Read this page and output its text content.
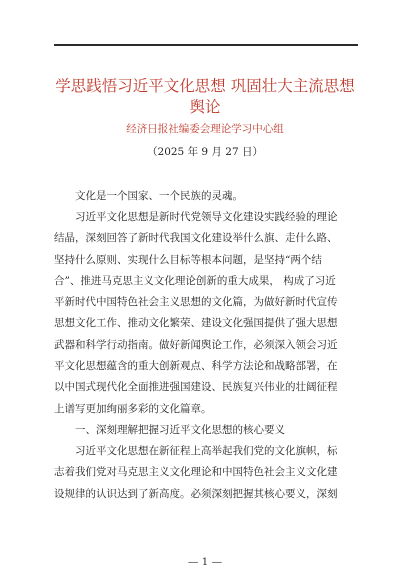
学思践悟习近平文化思想 巩固壮大主流思想
舆论
经济日报社编委会理论学习中心组
（2025 年 9 月 27 日）
文化是一个国家、一个民族的灵魂。
习近平文化思想是新时代党领导文化建设实践经验的理论
结晶，深刻回答了新时代我国文化建设举什么旗、走什么路、
坚持什么原则、实现什么目标等根本问题，是坚持“两个结
合”、推进马克思主义文化理论创新的重大成果， 构成了习近
平新时代中国特色社会主义思想的文化篇，为做好新时代宣传
思想文化工作、推动文化繁荣、建设文化强国提供了强大思想
武器和科学行动指南。做好新闻舆论工作，必须深入领会习近
平文化思想蕴含的重大创新观点、科学方法论和战略部署，在
以中国式现代化全面推进强国建设、民族复兴伟业的壮阔征程
上谱写更加绚丽多彩的文化篇章。
一、深刻理解把握习近平文化思想的核心要义
习近平文化思想在新征程上高举起我们党的文化旗帜，标
志着我们党对马克思主义文化理论和中国特色社会主义文化建
设规律的认识达到了新高度。必须深刻把握其核心要义，深刻
— 1 —
